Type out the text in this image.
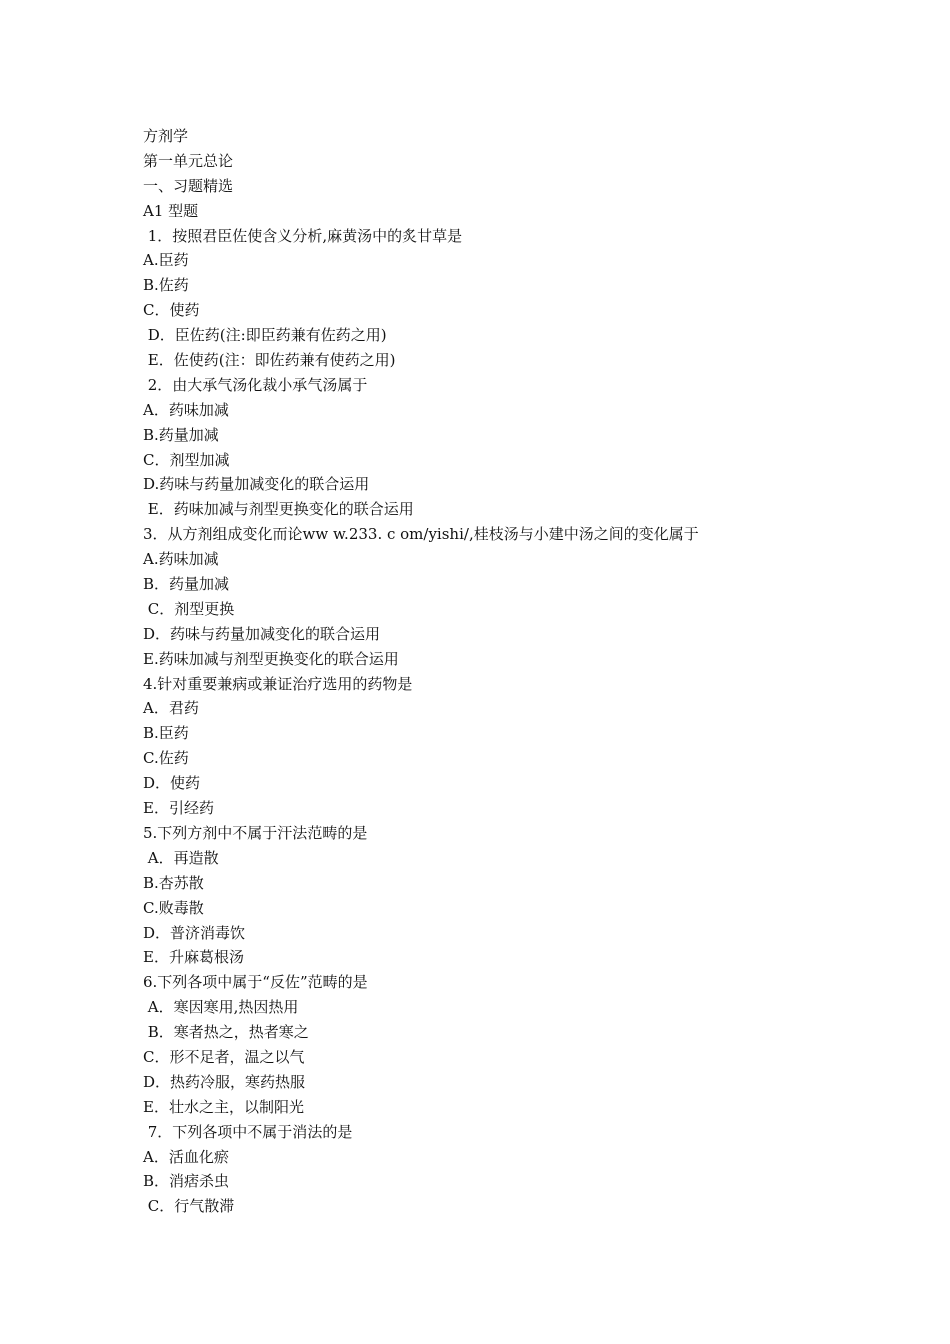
方剂学
第一单元总论
一、习题精选
A1 型题
1．按照君臣佐使含义分析,麻黄汤中的炙甘草是
A.臣药
B.佐药
C．使药
D．臣佐药(注:即臣药兼有佐药之用)
E．佐使药(注：即佐药兼有使药之用)
2．由大承气汤化裁小承气汤属于
A．药味加减
B.药量加减
C．剂型加减
D.药味与药量加减变化的联合运用
E．药味加减与剂型更换变化的联合运用
3．从方剂组成变化而论ww w.233. c om/yishi/,桂枝汤与小建中汤之间的变化属于
A.药味加减
B．药量加减
C．剂型更换
D．药味与药量加减变化的联合运用
E.药味加减与剂型更换变化的联合运用
4.针对重要兼病或兼证治疗选用的药物是
A．君药
B.臣药
C.佐药
D．使药
E．引经药
5.下列方剂中不属于汗法范畴的是
A．再造散
B.杏苏散
C.败毒散
D．普济消毒饮
E．升麻葛根汤
6.下列各项中属于“反佐”范畴的是
A．寒因寒用,热因热用
B．寒者热之，热者寒之
C．形不足者，温之以气
D．热药冷服，寒药热服
E．壮水之主，以制阳光
7．下列各项中不属于消法的是
A．活血化瘀
B．消痞杀虫
C．行气散滞
